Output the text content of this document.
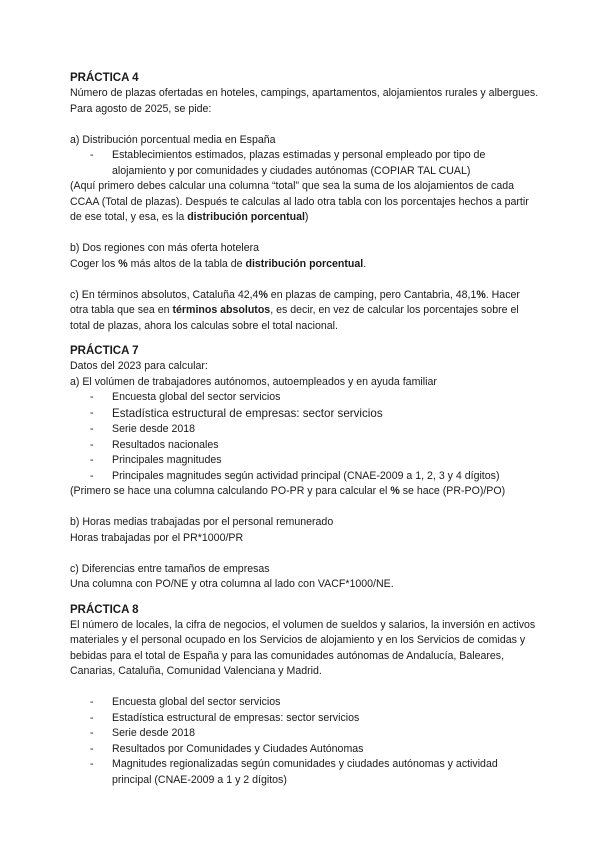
PRÁCTICA 4

Número de plazas ofertadas en hoteles, campings, apartamentos, alojamientos rurales y albergues. Para agosto de 2025, se pide:

a) Distribución porcentual media en España

- Establecimientos estimados, plazas estimadas y personal empleado por tipo de alojamiento y por comunidades y ciudades autónomas (COPIAR TAL CUAL)

(Aquí primero debes calcular una columna “total” que sea la suma de los alojamientos de cada CCAA (Total de plazas). Después te calculas al lado otra tabla con los porcentajes hechos a partir de ese total, y esa, es la distribución porcentual)

b) Dos regiones con más oferta hotelera

Coger los % más altos de la tabla de distribución porcentual.

c) En términos absolutos, Cataluña 42,4% en plazas de camping, pero Cantabria, 48,1%. Hacer otra tabla que sea en términos absolutos, es decir, en vez de calcular los porcentajes sobre el total de plazas, ahora los calculas sobre el total nacional.

PRÁCTICA 7

Datos del 2023 para calcular:

a) El volúmen de trabajadores autónomos, autoempleados y en ayuda familiar

- Encuesta global del sector servicios
- Estadística estructural de empresas: sector servicios
- Serie desde 2018
- Resultados nacionales
- Principales magnitudes
- Principales magnitudes según actividad principal (CNAE-2009 a 1, 2, 3 y 4 dígitos)

(Primero se hace una columna calculando PO-PR y para calcular el % se hace (PR-PO)/PO)

b) Horas medias trabajadas por el personal remunerado

Horas trabajadas por el PR*1000/PR

c) Diferencias entre tamaños de empresas

Una columna con PO/NE y otra columna al lado con VACF*1000/NE.

PRÁCTICA 8

El número de locales, la cifra de negocios, el volumen de sueldos y salarios, la inversión en activos materiales y el personal ocupado en los Servicios de alojamiento y en los Servicios de comidas y bebidas para el total de España y para las comunidades autónomas de Andalucía, Baleares, Canarias, Cataluña, Comunidad Valenciana y Madrid.

- Encuesta global del sector servicios
- Estadística estructural de empresas: sector servicios
- Serie desde 2018
- Resultados por Comunidades y Ciudades Autónomas
- Magnitudes regionalizadas según comunidades y ciudades autónomas y actividad principal (CNAE-2009 a 1 y 2 dígitos)
